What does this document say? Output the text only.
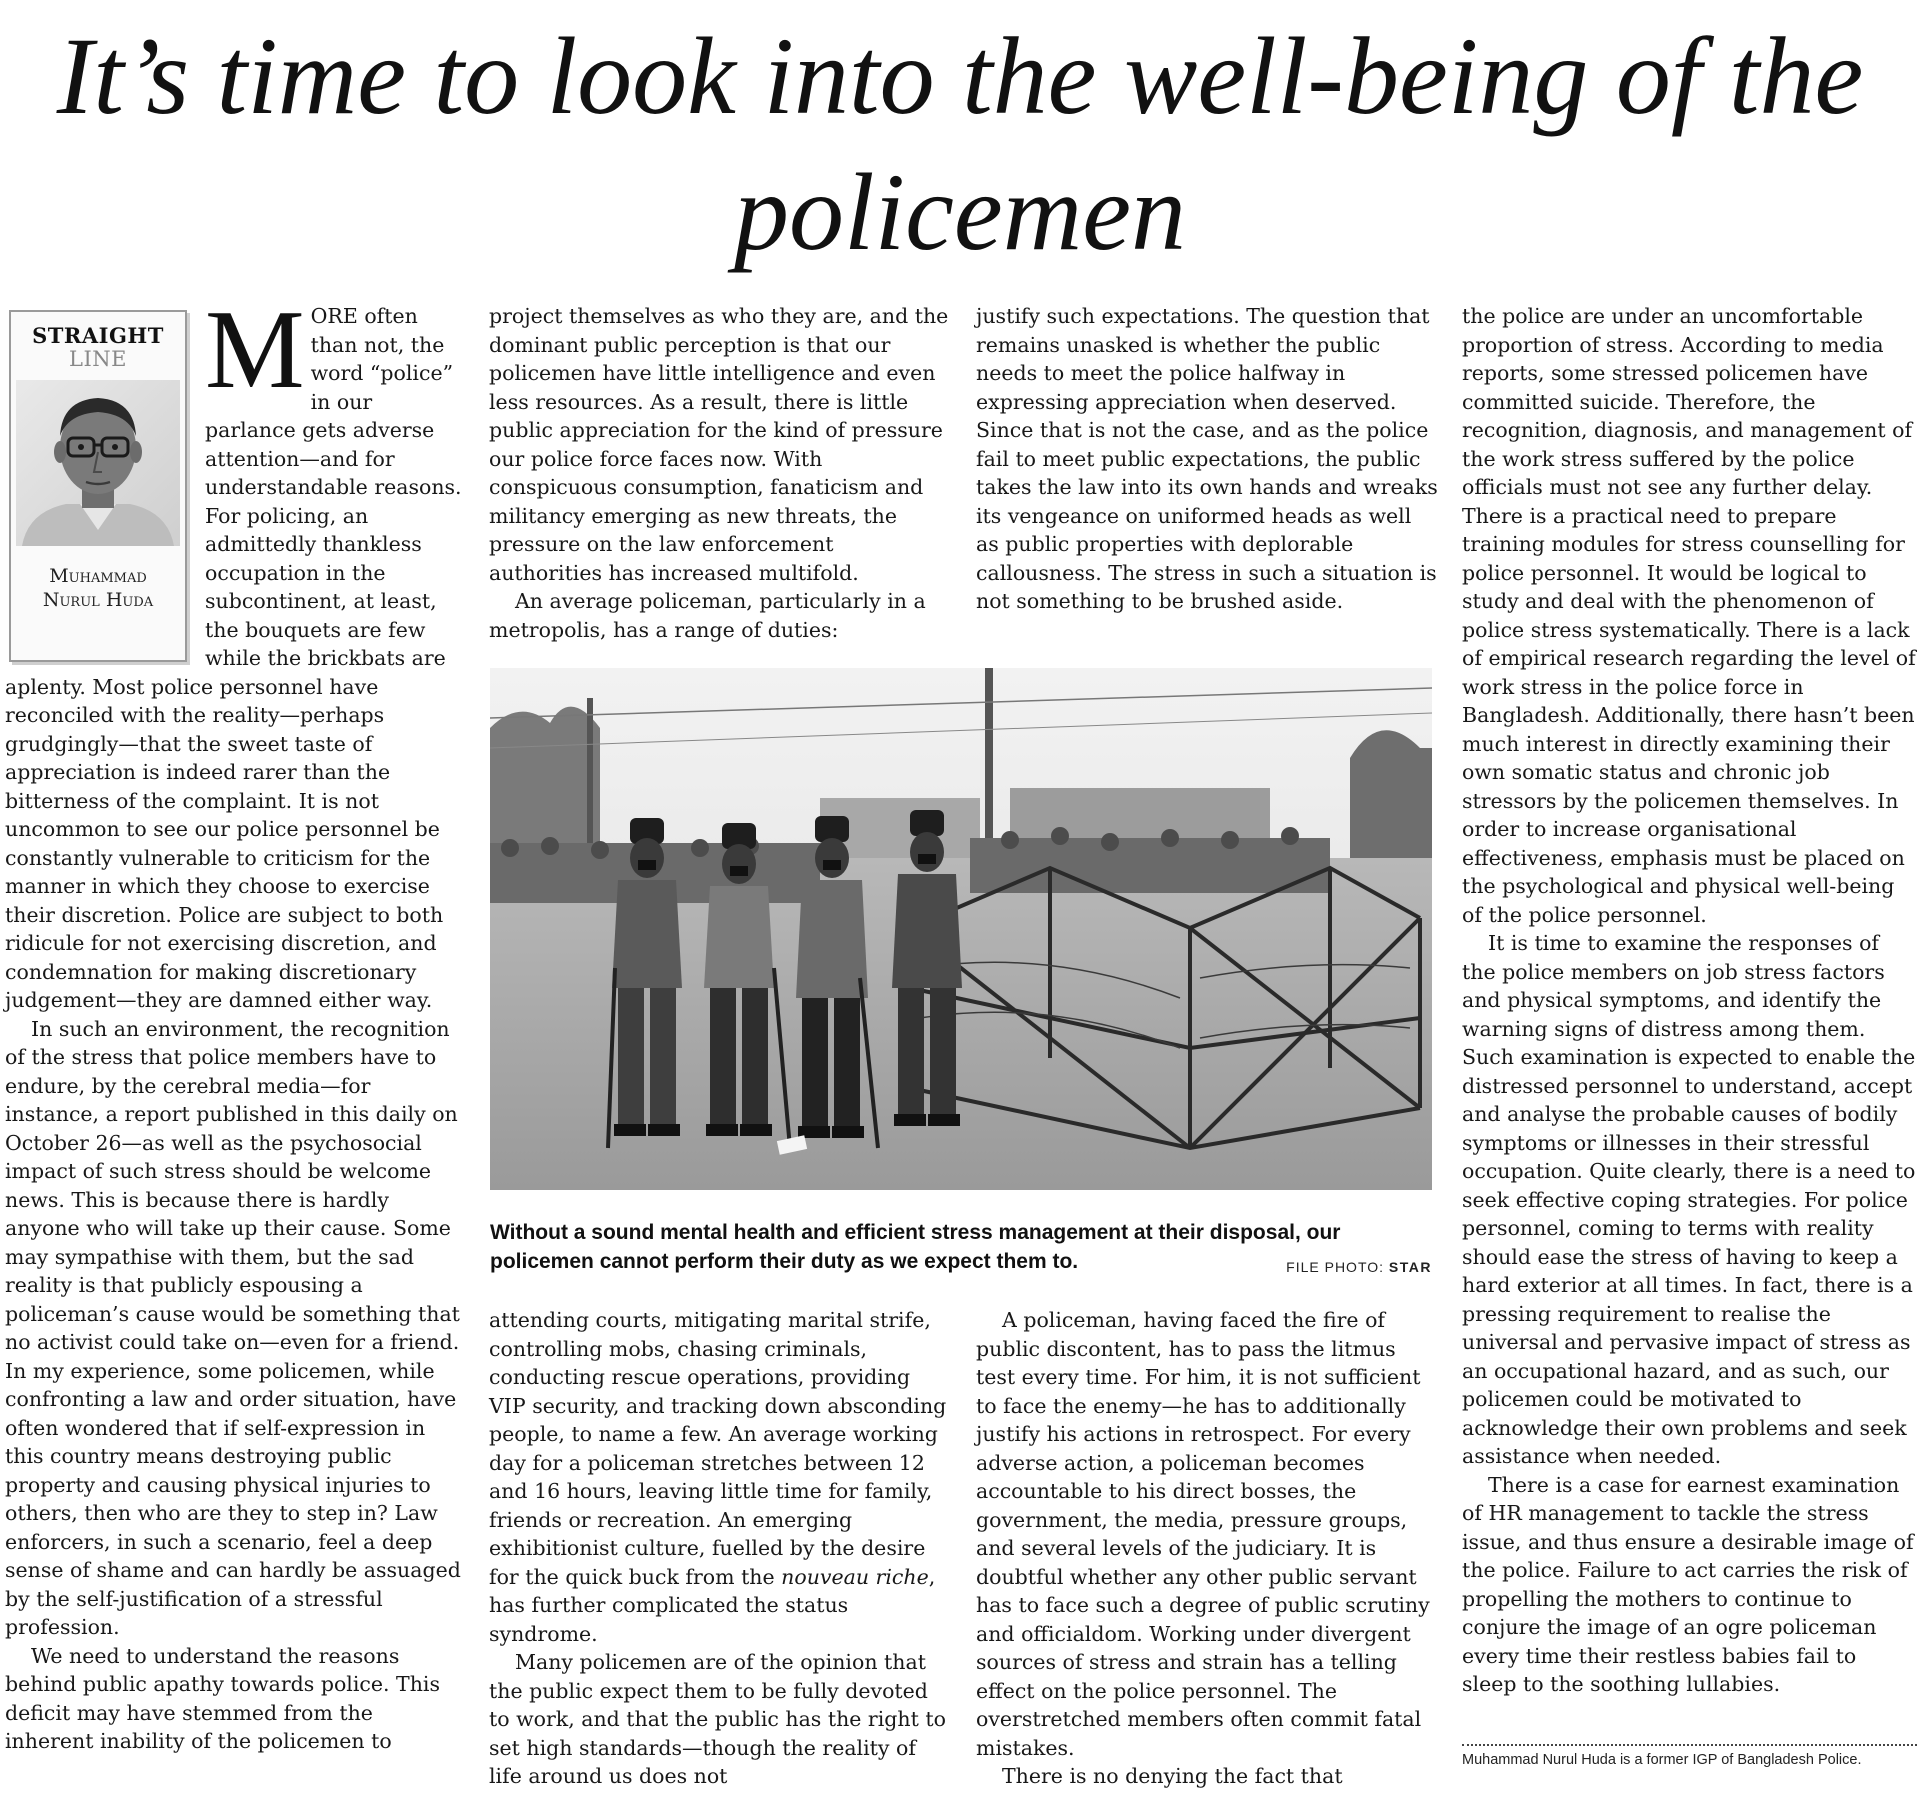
It’s time to look into the well-being of the policemen
STRAIGHT
LINE
Muhammad
Nurul Huda

MORE often than not, the word “police” in our parlance gets adverse attention—and for understandable reasons. For policing, an admittedly thankless occupation in the subcontinent, at least, the bouquets are few while the brickbats are aplenty. Most police personnel have reconciled with the reality—perhaps grudgingly—that the sweet taste of appreciation is indeed rarer than the bitterness of the complaint. It is not uncommon to see our police personnel be constantly vulnerable to criticism for the manner in which they choose to exercise their discretion. Police are subject to both ridicule for not exercising discretion, and condemnation for making discretionary judgement—they are damned either way.

In such an environment, the recognition of the stress that police members have to endure, by the cerebral media—for instance, a report published in this daily on October 26—as well as the psychosocial impact of such stress should be welcome news. This is because there is hardly anyone who will take up their cause. Some may sympathise with them, but the sad reality is that publicly espousing a policeman’s cause would be something that no activist could take on—even for a friend. In my experience, some policemen, while confronting a law and order situation, have often wondered that if self-expression in this country means destroying public property and causing physical injuries to others, then who are they to step in? Law enforcers, in such a scenario, feel a deep sense of shame and can hardly be assuaged by the self-justification of a stressful profession.

We need to understand the reasons behind public apathy towards police. This deficit may have stemmed from the inherent inability of the policemen to

project themselves as who they are, and the dominant public perception is that our policemen have little intelligence and even less resources. As a result, there is little public appreciation for the kind of pressure our police force faces now. With conspicuous consumption, fanaticism and militancy emerging as new threats, the pressure on the law enforcement authorities has increased multifold.

An average policeman, particularly in a metropolis, has a range of duties:

justify such expectations. The question that remains unasked is whether the public needs to meet the police halfway in expressing appreciation when deserved. Since that is not the case, and as the police fail to meet public expectations, the public takes the law into its own hands and wreaks its vengeance on uniformed heads as well as public properties with deplorable callousness. The stress in such a situation is not something to be brushed aside.

Without a sound mental health and efficient stress management at their disposal, our policemen cannot perform their duty as we expect them to.	FILE PHOTO: STAR

attending courts, mitigating marital strife, controlling mobs, chasing criminals, conducting rescue operations, providing VIP security, and tracking down absconding people, to name a few. An average working day for a policeman stretches between 12 and 16 hours, leaving little time for family, friends or recreation. An emerging exhibitionist culture, fuelled by the desire for the quick buck from the nouveau riche, has further complicated the status syndrome.

Many policemen are of the opinion that the public expect them to be fully devoted to work, and that the public has the right to set high standards—though the reality of life around us does not

A policeman, having faced the fire of public discontent, has to pass the litmus test every time. For him, it is not sufficient to face the enemy—he has to additionally justify his actions in retrospect. For every adverse action, a policeman becomes accountable to his direct bosses, the government, the media, pressure groups, and several levels of the judiciary. It is doubtful whether any other public servant has to face such a degree of public scrutiny and officialdom. Working under divergent sources of stress and strain has a telling effect on the police personnel. The overstretched members often commit fatal mistakes.

There is no denying the fact that

the police are under an uncomfortable proportion of stress. According to media reports, some stressed policemen have committed suicide. Therefore, the recognition, diagnosis, and management of the work stress suffered by the police officials must not see any further delay. There is a practical need to prepare training modules for stress counselling for police personnel. It would be logical to study and deal with the phenomenon of police stress systematically. There is a lack of empirical research regarding the level of work stress in the police force in Bangladesh. Additionally, there hasn’t been much interest in directly examining their own somatic status and chronic job stressors by the policemen themselves. In order to increase organisational effectiveness, emphasis must be placed on the psychological and physical well-being of the police personnel.

It is time to examine the responses of the police members on job stress factors and physical symptoms, and identify the warning signs of distress among them. Such examination is expected to enable the distressed personnel to understand, accept and analyse the probable causes of bodily symptoms or illnesses in their stressful occupation. Quite clearly, there is a need to seek effective coping strategies. For police personnel, coming to terms with reality should ease the stress of having to keep a hard exterior at all times. In fact, there is a pressing requirement to realise the universal and pervasive impact of stress as an occupational hazard, and as such, our policemen could be motivated to acknowledge their own problems and seek assistance when needed.

There is a case for earnest examination of HR management to tackle the stress issue, and thus ensure a desirable image of the police. Failure to act carries the risk of propelling the mothers to continue to conjure the image of an ogre policeman every time their restless babies fail to sleep to the soothing lullabies.

Muhammad Nurul Huda is a former IGP of Bangladesh Police.
